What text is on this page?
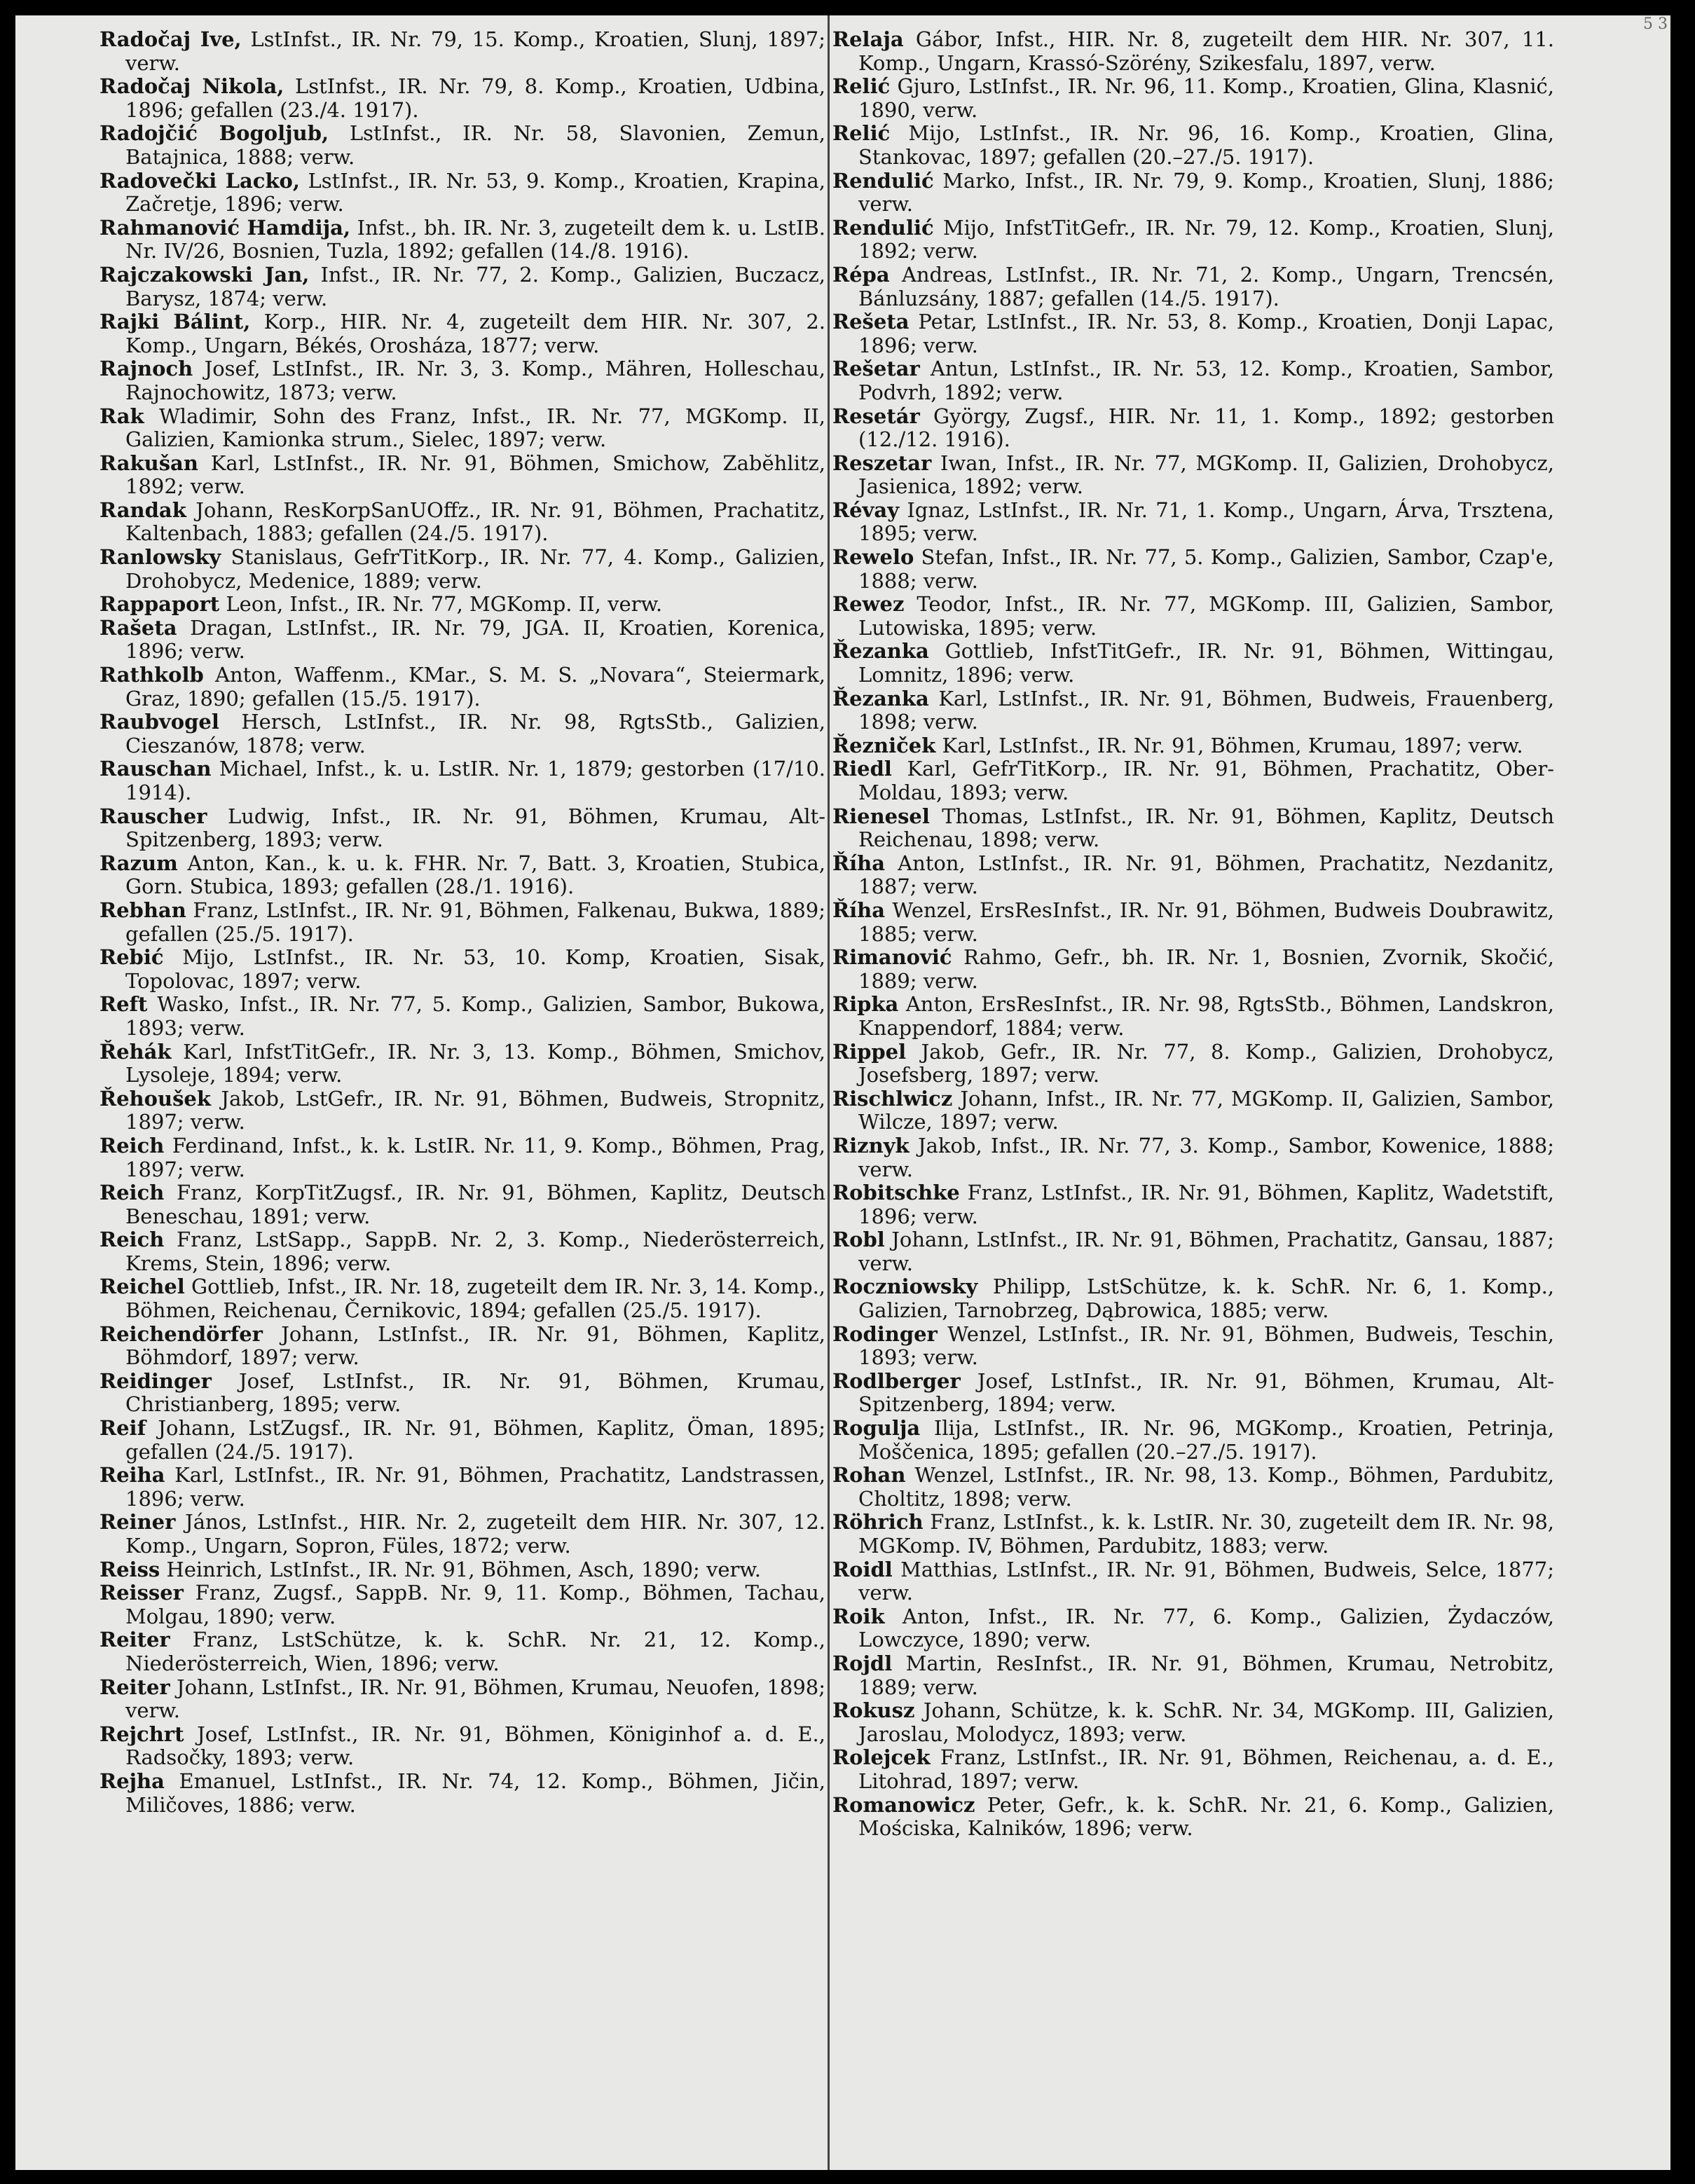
5 3

Radočaj Ive, LstInfst., IR. Nr. 79, 15. Komp., Kroatien, Slunj, 1897; verw.

Radočaj Nikola, LstInfst., IR. Nr. 79, 8. Komp., Kroatien, Udbina, 1896; gefallen (23./4. 1917).

Radojčić Bogoljub, LstInfst., IR. Nr. 58, Slavonien, Zemun, Batajnica, 1888; verw.

Radovečki Lacko, LstInfst., IR. Nr. 53, 9. Komp., Kroatien, Krapina, Začretje, 1896; verw.

Rahmanović Hamdija, Infst., bh. IR. Nr. 3, zugeteilt dem k. u. LstIB. Nr. IV/26, Bosnien, Tuzla, 1892; gefallen (14./8. 1916).

Rajczakowski Jan, Infst., IR. Nr. 77, 2. Komp., Galizien, Buczacz, Barysz, 1874; verw.

Rajki Bálint, Korp., HIR. Nr. 4, zugeteilt dem HIR. Nr. 307, 2. Komp., Ungarn, Békés, Orosháza, 1877; verw.

Rajnoch Josef, LstInfst., IR. Nr. 3, 3. Komp., Mähren, Holleschau, Rajnochowitz, 1873; verw.

Rak Wladimir, Sohn des Franz, Infst., IR. Nr. 77, MGKomp. II, Galizien, Kamionka strum., Sielec, 1897; verw.

Rakušan Karl, LstInfst., IR. Nr. 91, Böhmen, Smichow, Zabĕhlitz, 1892; verw.

Randak Johann, ResKorpSanUOffz., IR. Nr. 91, Böhmen, Prachatitz, Kaltenbach, 1883; gefallen (24./5. 1917).

Ranlowsky Stanislaus, GefrTitKorp., IR. Nr. 77, 4. Komp., Galizien, Drohobycz, Medenice, 1889; verw.

Rappaport Leon, Infst., IR. Nr. 77, MGKomp. II, verw.

Rašeta Dragan, LstInfst., IR. Nr. 79, JGA. II, Kroatien, Korenica, 1896; verw.

Rathkolb Anton, Waffenm., KMar., S. M. S. „Novara“, Steiermark, Graz, 1890; gefallen (15./5. 1917).

Raubvogel Hersch, LstInfst., IR. Nr. 98, RgtsStb., Galizien, Cieszanów, 1878; verw.

Rauschan Michael, Infst., k. u. LstIR. Nr. 1, 1879; gestorben (17/10. 1914).

Rauscher Ludwig, Infst., IR. Nr. 91, Böhmen, Krumau, Alt-Spitzenberg, 1893; verw.

Razum Anton, Kan., k. u. k. FHR. Nr. 7, Batt. 3, Kroatien, Stubica, Gorn. Stubica, 1893; gefallen (28./1. 1916).

Rebhan Franz, LstInfst., IR. Nr. 91, Böhmen, Falkenau, Bukwa, 1889; gefallen (25./5. 1917).

Rebić Mijo, LstInfst., IR. Nr. 53, 10. Komp, Kroatien, Sisak, Topolovac, 1897; verw.

Reft Wasko, Infst., IR. Nr. 77, 5. Komp., Galizien, Sambor, Bukowa, 1893; verw.

Řehák Karl, InfstTitGefr., IR. Nr. 3, 13. Komp., Böhmen, Smichov, Lysoleje, 1894; verw.

Řehoušek Jakob, LstGefr., IR. Nr. 91, Böhmen, Budweis, Stropnitz, 1897; verw.

Reich Ferdinand, Infst., k. k. LstIR. Nr. 11, 9. Komp., Böhmen, Prag, 1897; verw.

Reich Franz, KorpTitZugsf., IR. Nr. 91, Böhmen, Kaplitz, Deutsch Beneschau, 1891; verw.

Reich Franz, LstSapp., SappB. Nr. 2, 3. Komp., Niederösterreich, Krems, Stein, 1896; verw.

Reichel Gottlieb, Infst., IR. Nr. 18, zugeteilt dem IR. Nr. 3, 14. Komp., Böhmen, Reichenau, Černikovic, 1894; gefallen (25./5. 1917).

Reichendörfer Johann, LstInfst., IR. Nr. 91, Böhmen, Kaplitz, Böhmdorf, 1897; verw.

Reidinger Josef, LstInfst., IR. Nr. 91, Böhmen, Krumau, Christianberg, 1895; verw.

Reif Johann, LstZugsf., IR. Nr. 91, Böhmen, Kaplitz, Öman, 1895; gefallen (24./5. 1917).

Reiha Karl, LstInfst., IR. Nr. 91, Böhmen, Prachatitz, Landstrassen, 1896; verw.

Reiner János, LstInfst., HIR. Nr. 2, zugeteilt dem HIR. Nr. 307, 12. Komp., Ungarn, Sopron, Füles, 1872; verw.

Reiss Heinrich, LstInfst., IR. Nr. 91, Böhmen, Asch, 1890; verw.

Reisser Franz, Zugsf., SappB. Nr. 9, 11. Komp., Böhmen, Tachau, Molgau, 1890; verw.

Reiter Franz, LstSchütze, k. k. SchR. Nr. 21, 12. Komp., Niederösterreich, Wien, 1896; verw.

Reiter Johann, LstInfst., IR. Nr. 91, Böhmen, Krumau, Neuofen, 1898; verw.

Rejchrt Josef, LstInfst., IR. Nr. 91, Böhmen, Königinhof a. d. E., Radsočky, 1893; verw.

Rejha Emanuel, LstInfst., IR. Nr. 74, 12. Komp., Böhmen, Jičin, Miličoves, 1886; verw.

Relaja Gábor, Infst., HIR. Nr. 8, zugeteilt dem HIR. Nr. 307, 11. Komp., Ungarn, Krassó-Szörény, Szikesfalu, 1897, verw.

Relić Gjuro, LstInfst., IR. Nr. 96, 11. Komp., Kroatien, Glina, Klasnić, 1890, verw.

Relić Mijo, LstInfst., IR. Nr. 96, 16. Komp., Kroatien, Glina, Stankovac, 1897; gefallen (20.–27./5. 1917).

Rendulić Marko, Infst., IR. Nr. 79, 9. Komp., Kroatien, Slunj, 1886; verw.

Rendulić Mijo, InfstTitGefr., IR. Nr. 79, 12. Komp., Kroatien, Slunj, 1892; verw.

Répa Andreas, LstInfst., IR. Nr. 71, 2. Komp., Ungarn, Trencsén, Bánluzsány, 1887; gefallen (14./5. 1917).

Rešeta Petar, LstInfst., IR. Nr. 53, 8. Komp., Kroatien, Donji Lapac, 1896; verw.

Rešetar Antun, LstInfst., IR. Nr. 53, 12. Komp., Kroatien, Sambor, Podvrh, 1892; verw.

Resetár György, Zugsf., HIR. Nr. 11, 1. Komp., 1892; gestorben (12./12. 1916).

Reszetar Iwan, Infst., IR. Nr. 77, MGKomp. II, Galizien, Drohobycz, Jasienica, 1892; verw.

Révay Ignaz, LstInfst., IR. Nr. 71, 1. Komp., Ungarn, Árva, Trsztena, 1895; verw.

Rewelo Stefan, Infst., IR. Nr. 77, 5. Komp., Galizien, Sambor, Czap'e, 1888; verw.

Rewez Teodor, Infst., IR. Nr. 77, MGKomp. III, Galizien, Sambor, Lutowiska, 1895; verw.

Řezanka Gottlieb, InfstTitGefr., IR. Nr. 91, Böhmen, Wittingau, Lomnitz, 1896; verw.

Řezanka Karl, LstInfst., IR. Nr. 91, Böhmen, Budweis, Frauenberg, 1898; verw.

Řezniček Karl, LstInfst., IR. Nr. 91, Böhmen, Krumau, 1897; verw.

Riedl Karl, GefrTitKorp., IR. Nr. 91, Böhmen, Prachatitz, Ober-Moldau, 1893; verw.

Rienesel Thomas, LstInfst., IR. Nr. 91, Böhmen, Kaplitz, Deutsch Reichenau, 1898; verw.

Říha Anton, LstInfst., IR. Nr. 91, Böhmen, Prachatitz, Nezdanitz, 1887; verw.

Říha Wenzel, ErsResInfst., IR. Nr. 91, Böhmen, Budweis Doubrawitz, 1885; verw.

Rimanović Rahmo, Gefr., bh. IR. Nr. 1, Bosnien, Zvornik, Skočić, 1889; verw.

Ripka Anton, ErsResInfst., IR. Nr. 98, RgtsStb., Böhmen, Landskron, Knappendorf, 1884; verw.

Rippel Jakob, Gefr., IR. Nr. 77, 8. Komp., Galizien, Drohobycz, Josefsberg, 1897; verw.

Rischlwicz Johann, Infst., IR. Nr. 77, MGKomp. II, Galizien, Sambor, Wilcze, 1897; verw.

Riznyk Jakob, Infst., IR. Nr. 77, 3. Komp., Sambor, Kowenice, 1888; verw.

Robitschke Franz, LstInfst., IR. Nr. 91, Böhmen, Kaplitz, Wadetstift, 1896; verw.

Robl Johann, LstInfst., IR. Nr. 91, Böhmen, Prachatitz, Gansau, 1887; verw.

Roczniowsky Philipp, LstSchütze, k. k. SchR. Nr. 6, 1. Komp., Galizien, Tarnobrzeg, Dąbrowica, 1885; verw.

Rodinger Wenzel, LstInfst., IR. Nr. 91, Böhmen, Budweis, Teschin, 1893; verw.

Rodlberger Josef, LstInfst., IR. Nr. 91, Böhmen, Krumau, Alt-Spitzenberg, 1894; verw.

Rogulja Ilija, LstInfst., IR. Nr. 96, MGKomp., Kroatien, Petrinja, Moščenica, 1895; gefallen (20.–27./5. 1917).

Rohan Wenzel, LstInfst., IR. Nr. 98, 13. Komp., Böhmen, Pardubitz, Choltitz, 1898; verw.

Röhrich Franz, LstInfst., k. k. LstIR. Nr. 30, zugeteilt dem IR. Nr. 98, MGKomp. IV, Böhmen, Pardubitz, 1883; verw.

Roidl Matthias, LstInfst., IR. Nr. 91, Böhmen, Budweis, Selce, 1877; verw.

Roik Anton, Infst., IR. Nr. 77, 6. Komp., Galizien, Żydaczów, Lowczyce, 1890; verw.

Rojdl Martin, ResInfst., IR. Nr. 91, Böhmen, Krumau, Netrobitz, 1889; verw.

Rokusz Johann, Schütze, k. k. SchR. Nr. 34, MGKomp. III, Galizien, Jaroslau, Molodycz, 1893; verw.

Rolejcek Franz, LstInfst., IR. Nr. 91, Böhmen, Reichenau, a. d. E., Litohrad, 1897; verw.

Romanowicz Peter, Gefr., k. k. SchR. Nr. 21, 6. Komp., Galizien, Mościska, Kalników, 1896; verw.
